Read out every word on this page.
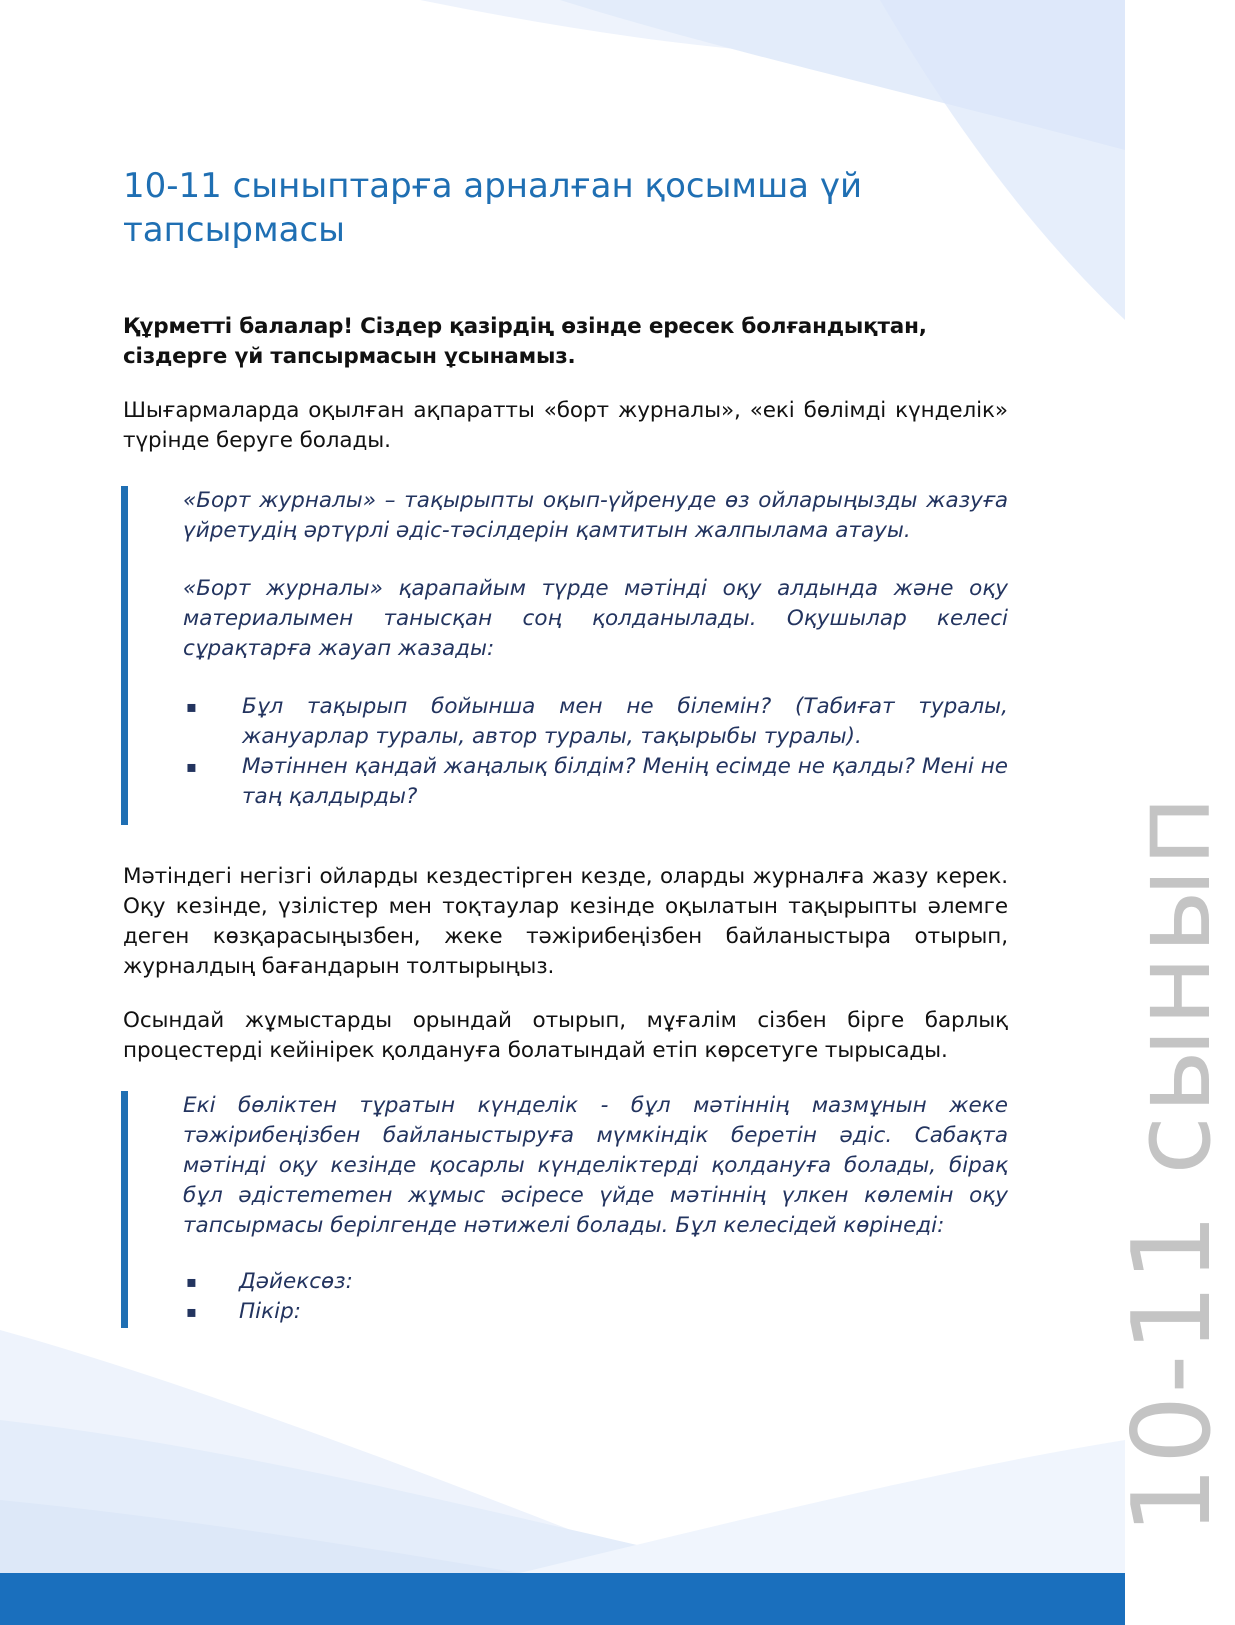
10-11 сыныптарға арналған қосымша үй тапсырмасы

Құрметті балалар! Сіздер қазірдің өзінде ересек болғандықтан, сіздерге үй тапсырмасын ұсынамыз.

Шығармаларда оқылған ақпаратты «борт журналы», «екі бөлімді күнделік» түрінде беруге болады.

«Борт журналы» – тақырыпты оқып-үйренуде өз ойларыңызды жазуға үйретудің әртүрлі әдіс-тәсілдерін қамтитын жалпылама атауы.

«Борт журналы» қарапайым түрде мәтінді оқу алдында және оқу материалымен танысқан соң қолданылады. Оқушылар келесі сұрақтарға жауап жазады:

▪ Бұл тақырып бойынша мен не білемін? (Табиғат туралы, жануарлар туралы, автор туралы, тақырыбы туралы).
▪ Мәтіннен қандай жаңалық білдім? Менің есімде не қалды? Мені не таң қалдырды?

Мәтіндегі негізгі ойларды кездестірген кезде, оларды журналға жазу керек. Оқу кезінде, үзілістер мен тоқтаулар кезінде оқылатын тақырыпты әлемге деген көзқарасыңызбен, жеке тәжірибеңізбен байланыстыра отырып, журналдың бағандарын толтырыңыз.

Осындай жұмыстарды орындай отырып, мұғалім сізбен бірге барлық процестерді кейінірек қолдануға болатындай етіп көрсетуге тырысады.

Екі бөліктен тұратын күнделік - бұл мәтіннің мазмұнын жеке тәжірибеңізбен байланыстыруға мүмкіндік беретін әдіс. Сабақта мәтінді оқу кезінде қосарлы күнделіктерді қолдануға болады, бірақ бұл әдістememен жұмыс әсіресе үйде мәтіннің үлкен көлемін оқу тапсырмасы берілгенде нәтижелі болады. Бұл келесідей көрінеді:

▪ Дәйексөз:
▪ Пікір:	10-11 сынып
